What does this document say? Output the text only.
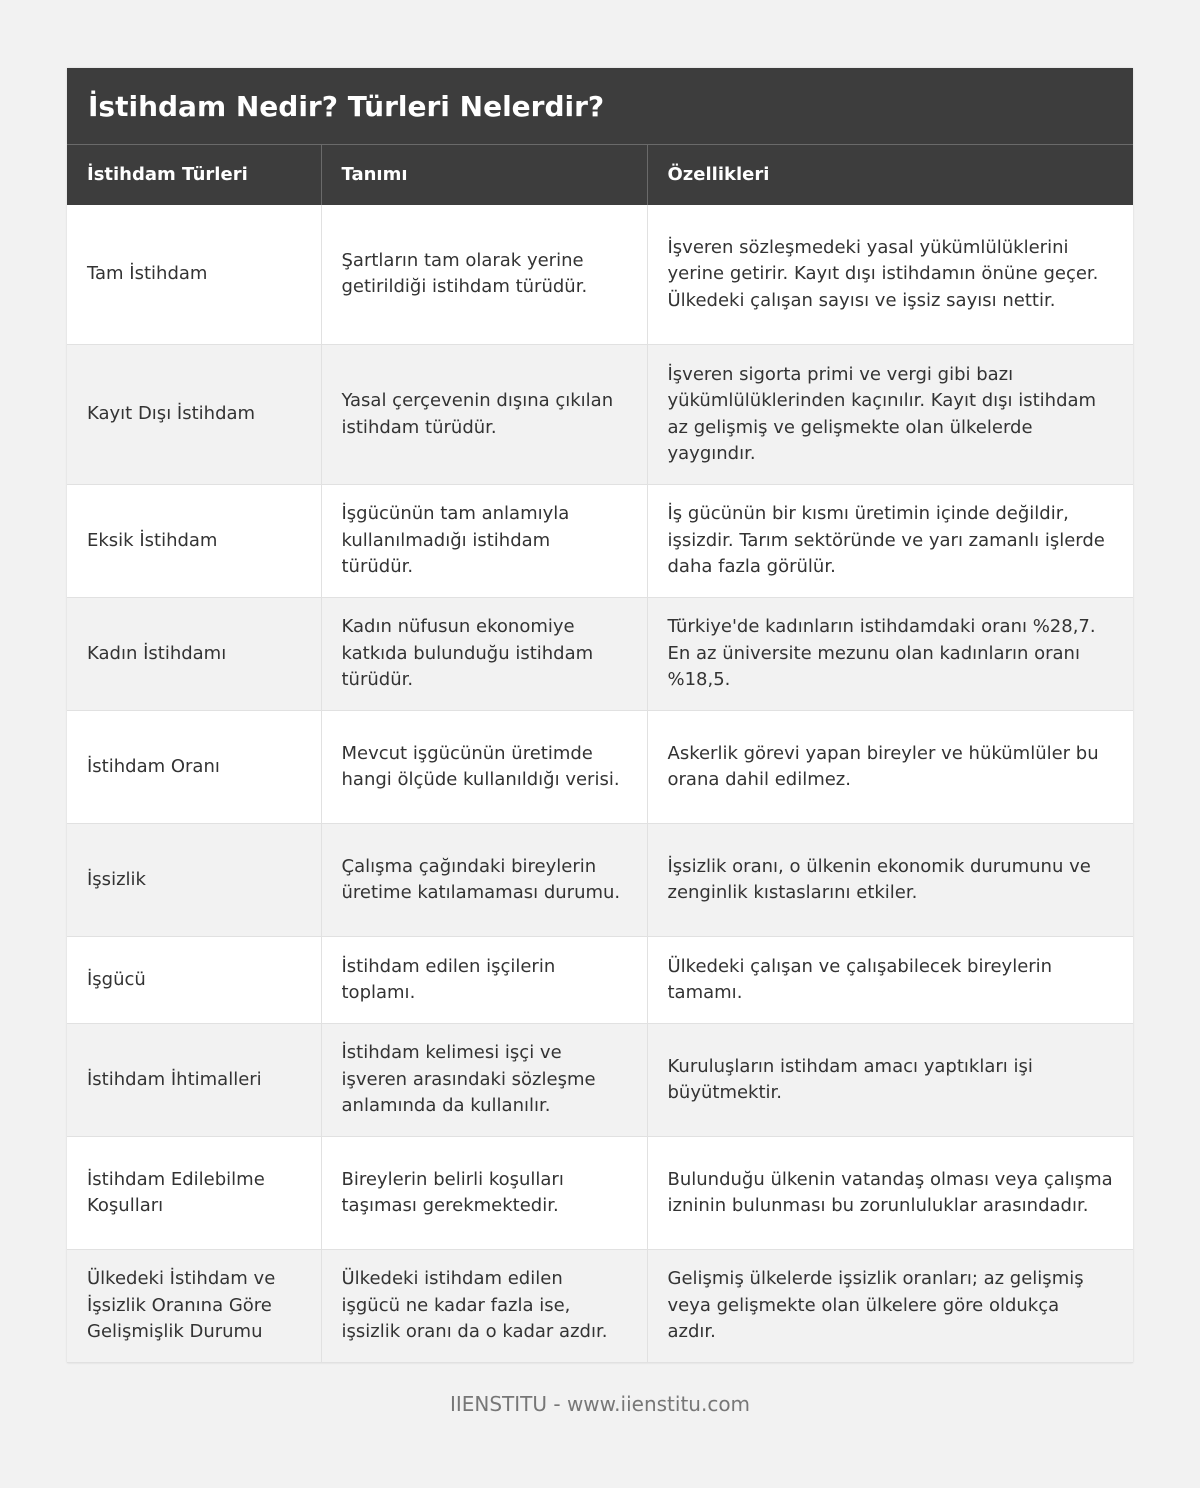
İstihdam Nedir? Türleri Nelerdir?
İstihdam Türleri	Tanımı	Özellikleri
Tam İstihdam	Şartların tam olarak yerine getirildiği istihdam türüdür.	İşveren sözleşmedeki yasal yükümlülüklerini yerine getirir. Kayıt dışı istihdamın önüne geçer. Ülkedeki çalışan sayısı ve işsiz sayısı nettir.
Kayıt Dışı İstihdam	Yasal çerçevenin dışına çıkılan istihdam türüdür.	İşveren sigorta primi ve vergi gibi bazı yükümlülüklerinden kaçınılır. Kayıt dışı istihdam az gelişmiş ve gelişmekte olan ülkelerde yaygındır.
Eksik İstihdam	İşgücünün tam anlamıyla kullanılmadığı istihdam türüdür.	İş gücünün bir kısmı üretimin içinde değildir, işsizdir. Tarım sektöründe ve yarı zamanlı işlerde daha fazla görülür.
Kadın İstihdamı	Kadın nüfusun ekonomiye katkıda bulunduğu istihdam türüdür.	Türkiye'de kadınların istihdamdaki oranı %28,7. En az üniversite mezunu olan kadınların oranı %18,5.
İstihdam Oranı	Mevcut işgücünün üretimde hangi ölçüde kullanıldığı verisi.	Askerlik görevi yapan bireyler ve hükümlüler bu orana dahil edilmez.
İşsizlik	Çalışma çağındaki bireylerin üretime katılamaması durumu.	İşsizlik oranı, o ülkenin ekonomik durumunu ve zenginlik kıstaslarını etkiler.
İşgücü	İstihdam edilen işçilerin toplamı.	Ülkedeki çalışan ve çalışabilecek bireylerin tamamı.
İstihdam İhtimalleri	İstihdam kelimesi işçi ve işveren arasındaki sözleşme anlamında da kullanılır.	Kuruluşların istihdam amacı yaptıkları işi büyütmektir.
İstihdam Edilebilme Koşulları	Bireylerin belirli koşulları taşıması gerekmektedir.	Bulunduğu ülkenin vatandaş olması veya çalışma izninin bulunması bu zorunluluklar arasındadır.
Ülkedeki İstihdam ve İşsizlik Oranına Göre Gelişmişlik Durumu	Ülkedeki istihdam edilen işgücü ne kadar fazla ise, işsizlik oranı da o kadar azdır.	Gelişmiş ülkelerde işsizlik oranları; az gelişmiş veya gelişmekte olan ülkelere göre oldukça azdır.
IIENSTITU - www.iienstitu.com
